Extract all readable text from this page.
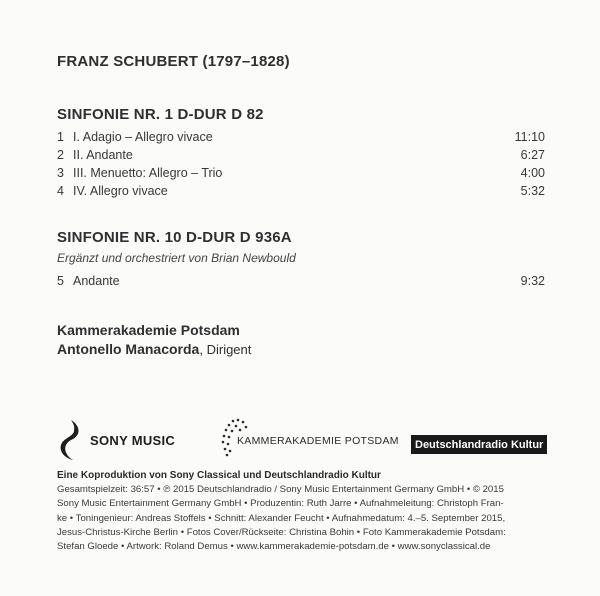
FRANZ SCHUBERT (1797–1828)
SINFONIE NR. 1 D-DUR D 82
1 I. Adagio – Allegro vivace	11:10
2 II. Andante	6:27
3 III. Menuetto: Allegro – Trio	4:00
4 IV. Allegro vivace	5:32
SINFONIE NR. 10 D-DUR D 936A
Ergänzt und orchestriert von Brian Newbould
5 Andante	9:32
Kammerakademie Potsdam
Antonello Manacorda, Dirigent
SONY MUSIC	KAMMERAKADEMIE POTSDAM	Deutschlandradio Kultur
Eine Koproduktion von Sony Classical und Deutschlandradio Kultur
Gesamtspielzeit: 36:57 • ℗ 2015 Deutschlandradio / Sony Music Entertainment Germany GmbH • © 2015
Sony Music Entertainment Germany GmbH • Produzentin: Ruth Jarre • Aufnahmeleitung: Christoph Fran-
ke • Toningenieur: Andreas Stoffels • Schnitt: Alexander Feucht • Aufnahmedatum: 4.–5. September 2015,
Jesus-Christus-Kirche Berlin • Fotos Cover/Rückseite: Christina Bohin • Foto Kammerakademie Potsdam:
Stefan Gloede • Artwork: Roland Demus • www.kammerakademie-potsdam.de • www.sonyclassical.de
